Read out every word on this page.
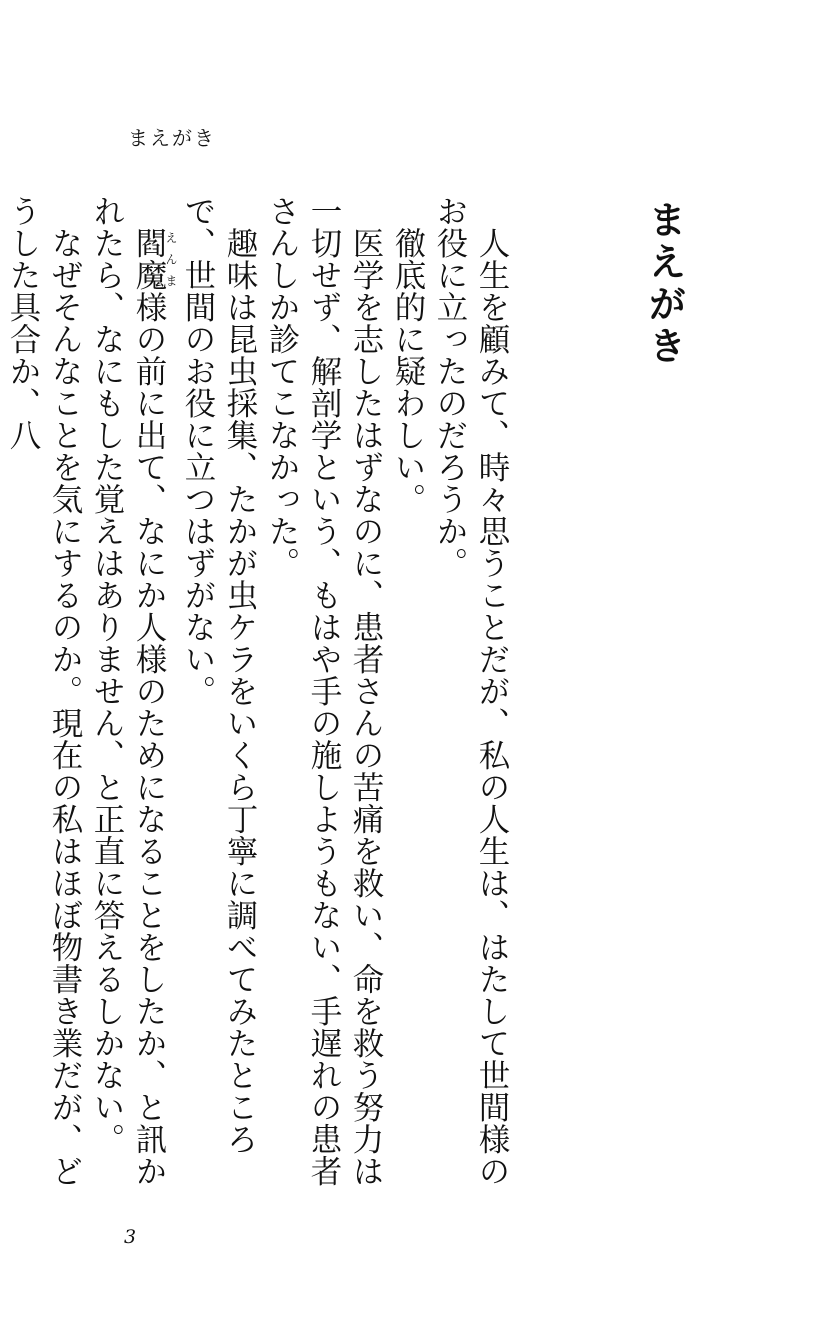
まえがき
まえがき

人生を顧みて、時々思うことだが、私の人生は、はたして世間様のお役に立ったのだろうか。

徹底的に疑わしい。

医学を志したはずなのに、患者さんの苦痛を救い、命を救う努力は一切せず、解剖学という、もはや手の施しようもない、手遅れの患者さんしか診てこなかった。

趣味は昆虫採集、たかが虫ケラをいくら丁寧に調べてみたところで、世間のお役に立つはずがない。

閻魔えんま様の前に出て、なにか人様のためになることをしたか、と訊かれたら、なにもした覚えはありません、と正直に答えるしかない。

なぜそんなことを気にするのか。現在の私はほぼ物書き業だが、どうした具合か、八

3
